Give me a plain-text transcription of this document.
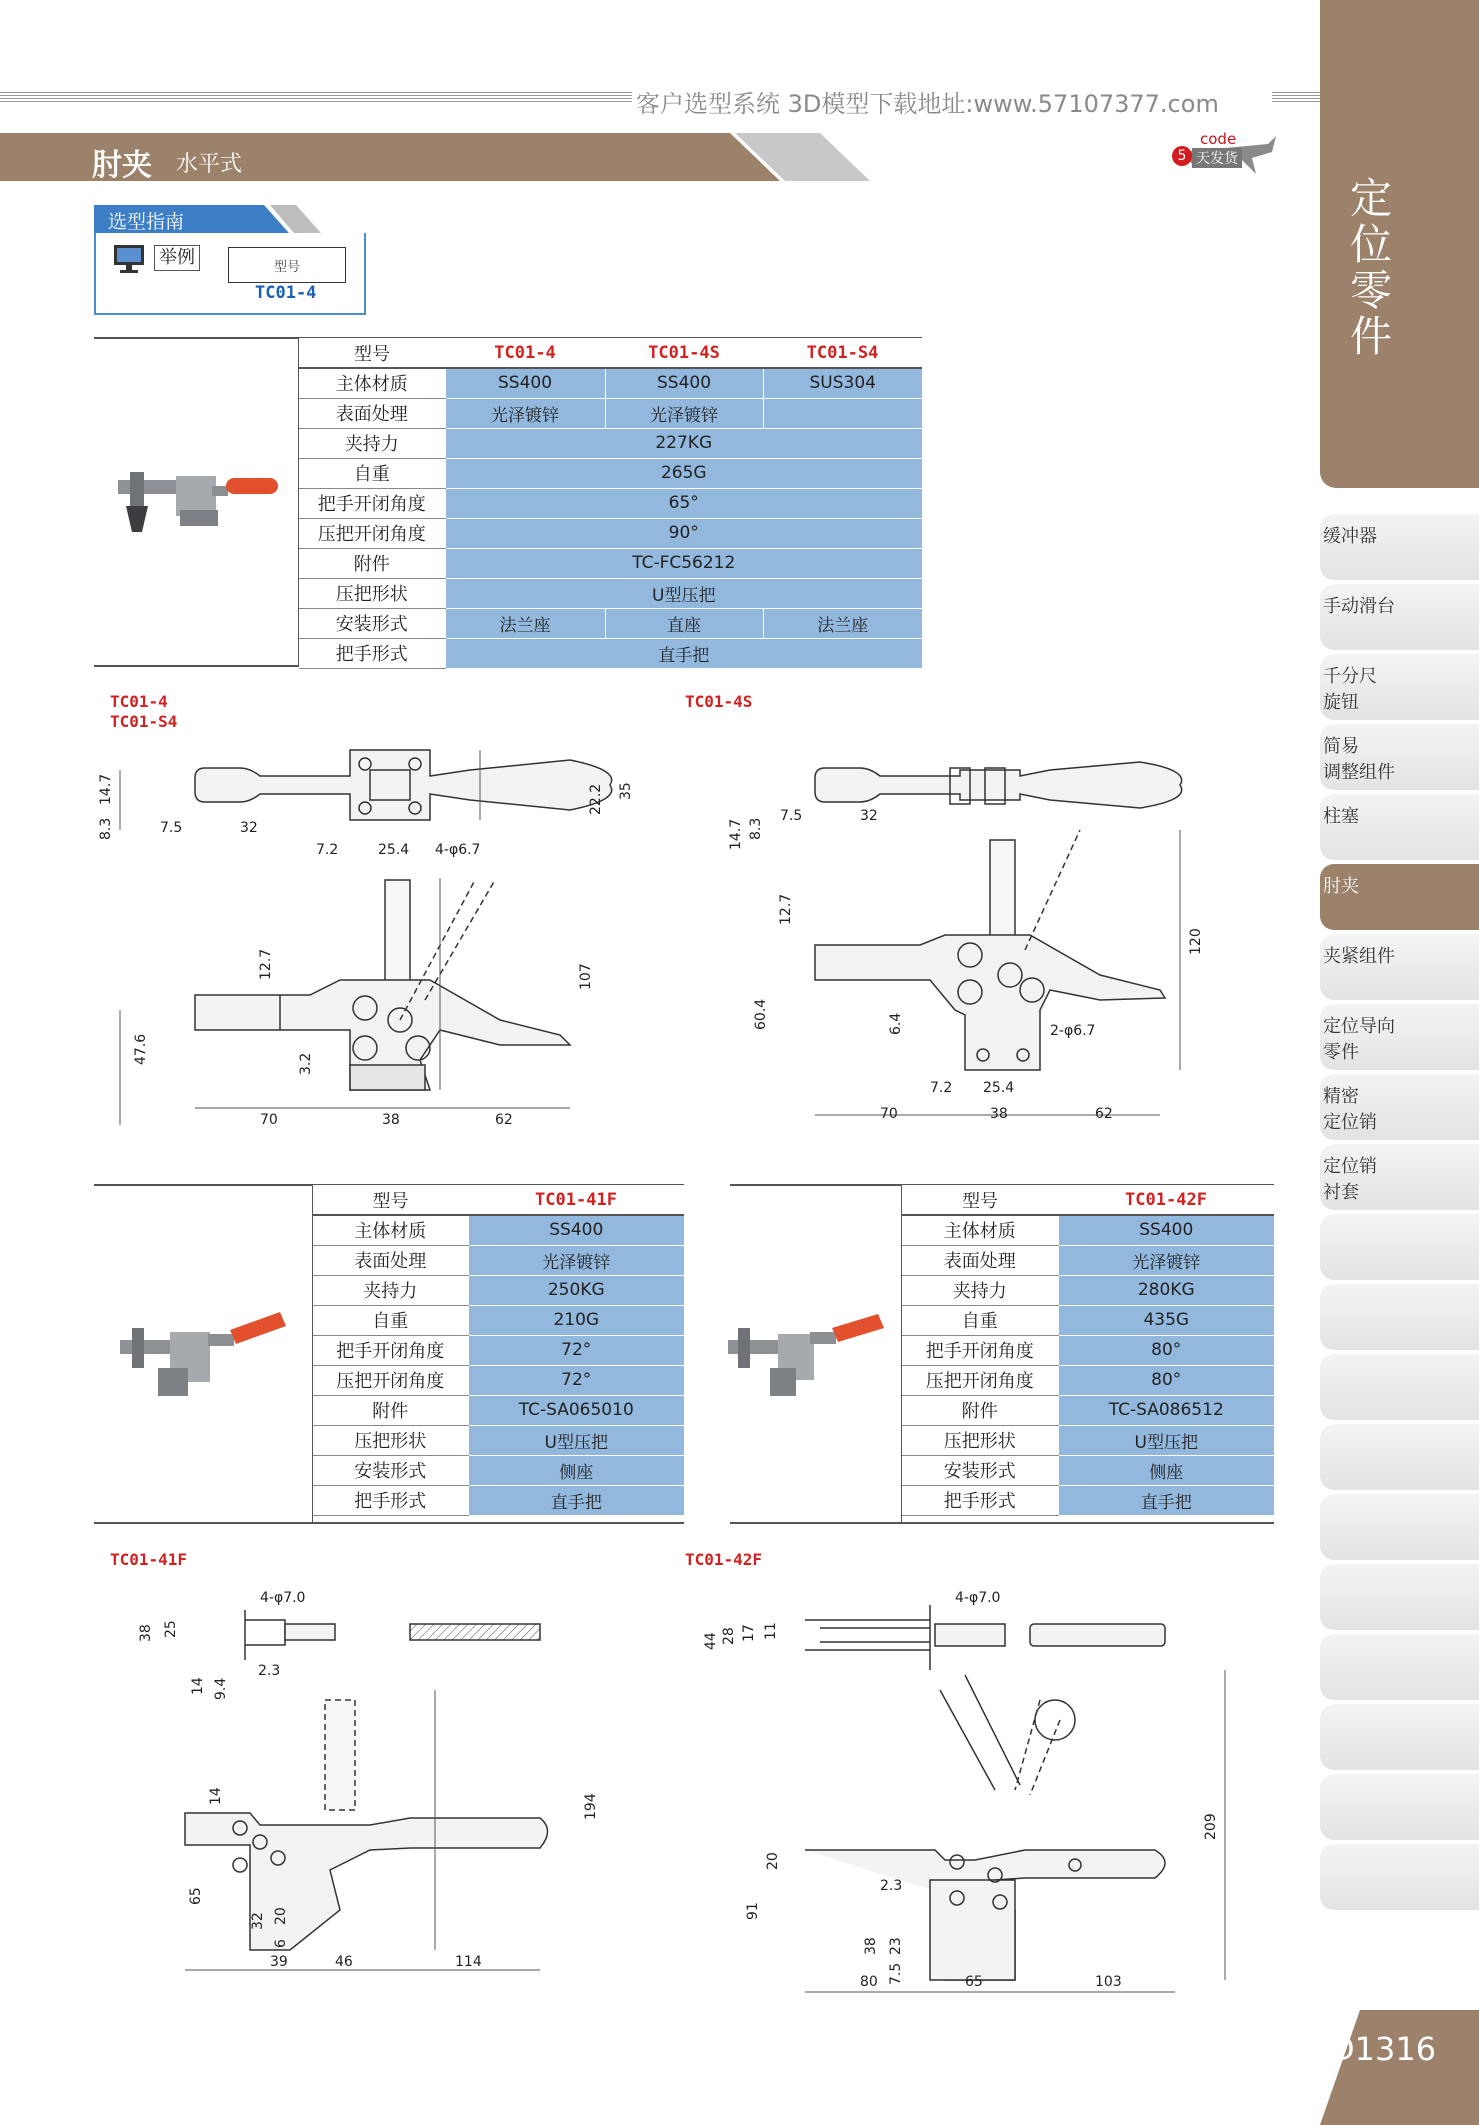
客户选型系统 3D模型下载地址:www.57107377.com
肘夹 水平式
code
5 天发货
定
位
零
件
缓冲器
手动滑台
千分尺
旋钮
简易
调整组件
柱塞
肘夹
夹紧组件
定位导向
零件
精密
定位销
定位销
衬套
D1316
选型指南
举例	型号
TC01-4
型号	TC01-4	TC01-4S	TC01-S4
主体材质	SS400	SS400	SUS304
表面处理	光泽镀锌	光泽镀锌	
夹持力	227KG		
自重	265G		
把手开闭角度	65°		
压把开闭角度	90°		
附件	TC-FC56212		
压把形状	U型压把		
安装形式	法兰座	直座	法兰座
把手形式	直手把		
TC01-4
TC01-S4
TC01-4S
14.7
8.3	7.5	32
7.2	25.4 4-φ6.7
22.2 35
107
12.7
47.6	3.2
70	38	62
14.7 8.3
7.5	32
12.7
120
60.4	6.4	2-φ6.7
7.2 25.4
70	38	62
型号	TC01-41F
主体材质	SS400
表面处理	光泽镀锌
夹持力	250KG
自重	210G
把手开闭角度	72°
压把开闭角度	72°
附件	TC-SA065010
压把形状	U型压把
安装形式	侧座
把手形式	直手把
型号	TC01-42F
主体材质	SS400
表面处理	光泽镀锌
夹持力	280KG
自重	435G
把手开闭角度	80°
压把开闭角度	80°
附件	TC-SA086512
压把形状	U型压把
安装形式	侧座
把手形式	直手把
TC01-41F	TC01-42F
4-φ7.0
38 25
14 9.4
2.3
194
14
65
32 20
6
39	46	114
4-φ7.0
44 28 17 11
209
20
91
2.3
38 23
7.5
80	65	103
